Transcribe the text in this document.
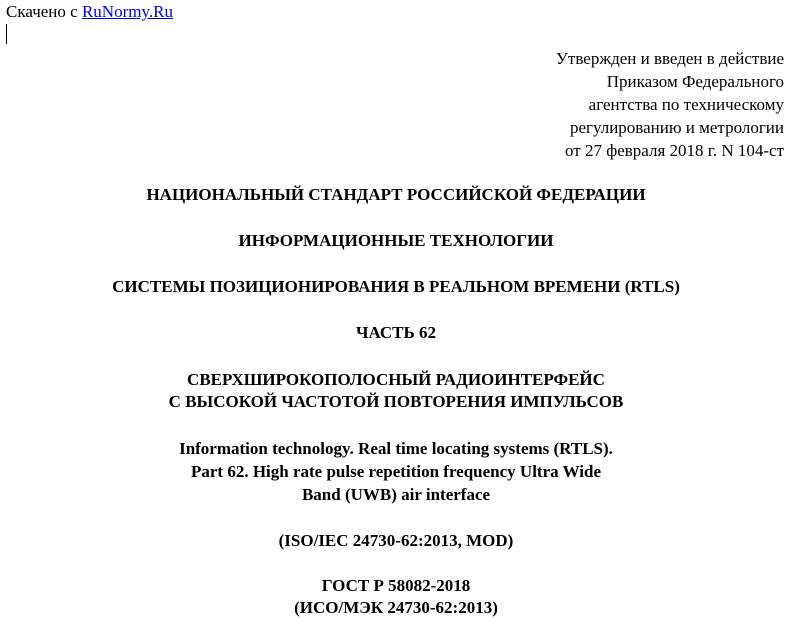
Скачено с RuNormy.Ru
Утвержден и введен в действие
Приказом Федерального
агентства по техническому
регулированию и метрологии
от 27 февраля 2018 г. N 104-ст
НАЦИОНАЛЬНЫЙ СТАНДАРТ РОССИЙСКОЙ ФЕДЕРАЦИИ
ИНФОРМАЦИОННЫЕ ТЕХНОЛОГИИ
СИСТЕМЫ ПОЗИЦИОНИРОВАНИЯ В РЕАЛЬНОМ ВРЕМЕНИ (RTLS)
ЧАСТЬ 62
СВЕРХШИРОКОПОЛОСНЫЙ РАДИОИНТЕРФЕЙС
С ВЫСОКОЙ ЧАСТОТОЙ ПОВТОРЕНИЯ ИМПУЛЬСОВ
Information technology. Real time locating systems (RTLS).
Part 62. High rate pulse repetition frequency Ultra Wide
Band (UWB) air interface
(ISO/IEC 24730-62:2013, MOD)
ГОСТ Р 58082-2018
(ИСО/МЭК 24730-62:2013)
